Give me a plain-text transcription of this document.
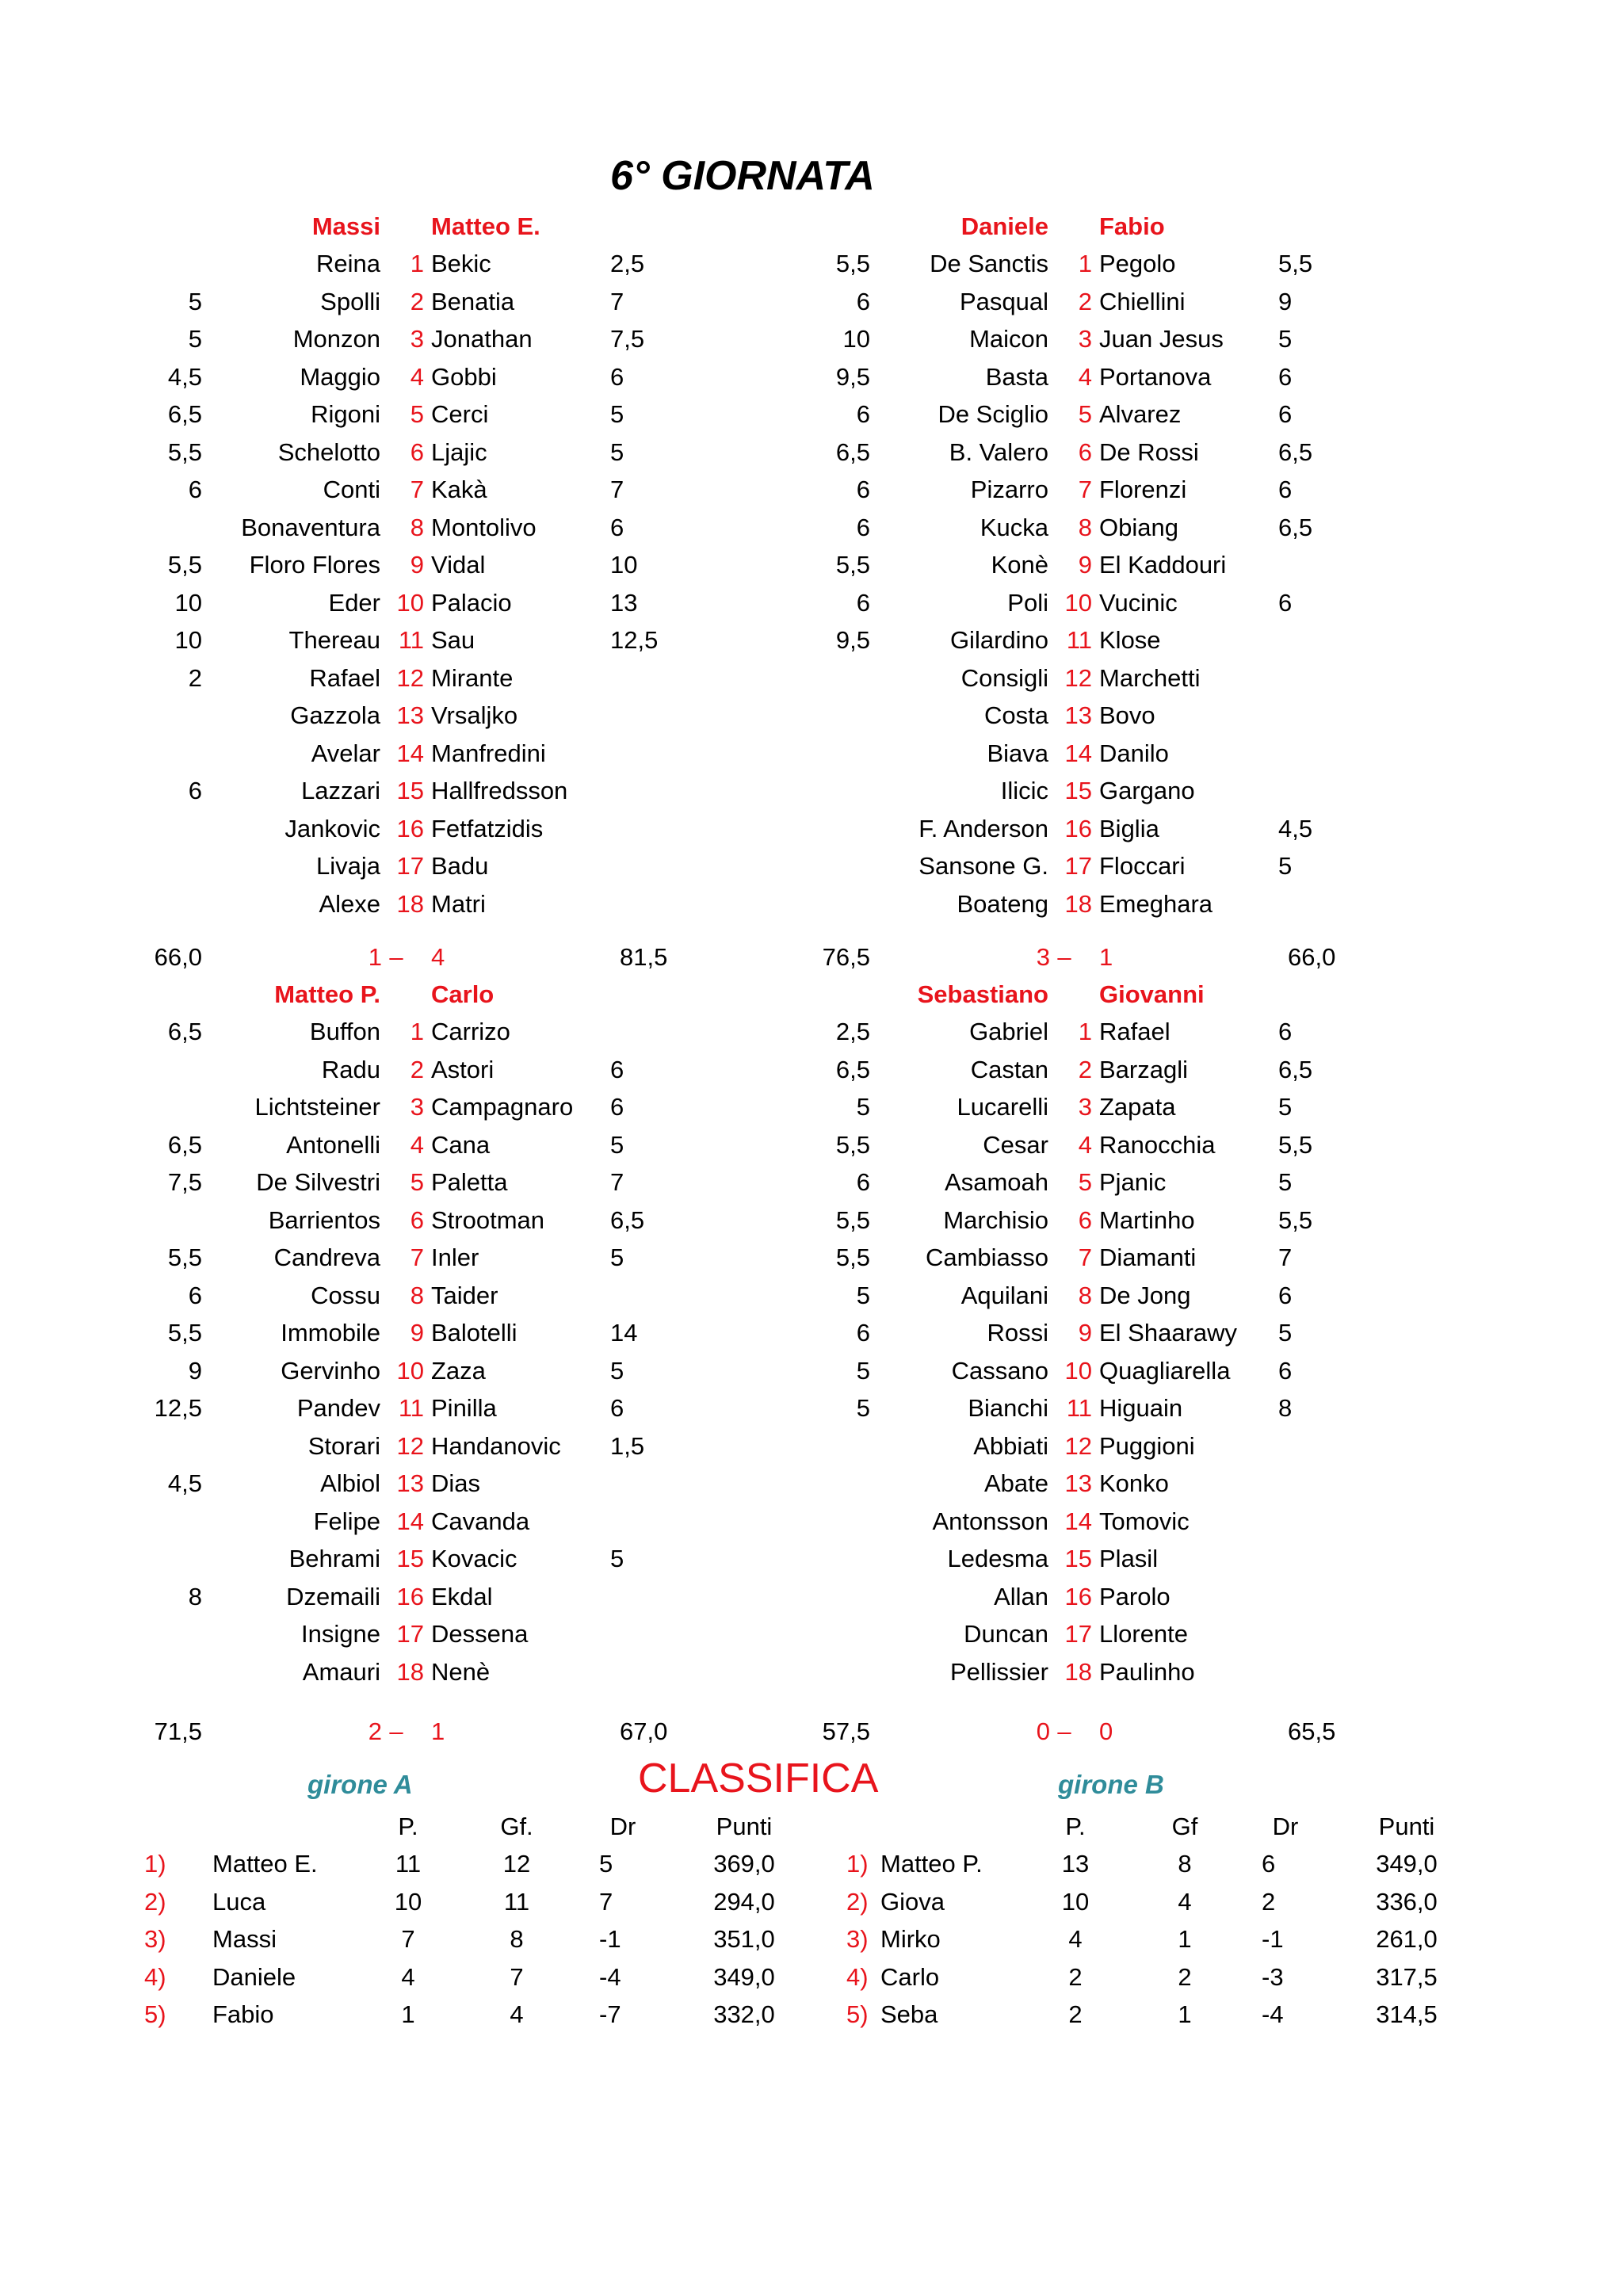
6° GIORNATA
Massi Matteo E.
Reina	1 Bekic	2,5
5	Spolli	2 Benatia	7
5	Monzon	3 Jonathan	7,5
4,5	Maggio	4 Gobbi	6
6,5	Rigoni	5 Cerci	5
5,5	Schelotto	6 Ljajic	5
6	Conti	7 Kakà	7
Bonaventura	8 Montolivo	6
5,5	Floro Flores	9 Vidal	10
10	Eder 10 Palacio	13
10	Thereau 11 Sau	12,5
2	Rafael 12 Mirante
Gazzola 13 Vrsaljko
Avelar 14 Manfredini
6	Lazzari 15 Hallfredsson
Jankovic 16 Fetfatzidis
Livaja 17 Badu
Alexe 18 Matri
66,0	1 – 4	81,5
Daniele Fabio
5,5	De Sanctis	1 Pegolo	5,5
6	Pasqual	2 Chiellini	9
10	Maicon	3 Juan Jesus 5
9,5	Basta	4 Portanova	6
6	De Sciglio	5 Alvarez	6
6,5	B. Valero	6 De Rossi	6,5
6	Pizarro	7 Florenzi	6
6	Kucka	8 Obiang	6,5
5,5	Konè	9 El Kaddouri
6	Poli 10 Vucinic	6
9,5	Gilardino 11 Klose
Consigli 12 Marchetti
Costa 13 Bovo
Biava 14 Danilo
Ilicic 15 Gargano
F. Anderson 16 Biglia	4,5
Sansone G. 17 Floccari	5
Boateng 18 Emeghara
76,5	3 – 1	66,0
Matteo P. Carlo
6,5	Buffon	1 Carrizo
Radu	2 Astori	6
Lichtsteiner	3 Campagnaro 6
6,5	Antonelli	4 Cana	5
7,5	De Silvestri	5 Paletta	7
Barrientos	6 Strootman	6,5
5,5	Candreva	7 Inler	5
6	Cossu	8 Taider
5,5	Immobile	9 Balotelli	14
9	Gervinho 10 Zaza	5
12,5	Pandev 11 Pinilla	6
Storari 12 Handanovic 1,5
4,5	Albiol 13 Dias
Felipe 14 Cavanda
Behrami 15 Kovacic	5
8	Dzemaili 16 Ekdal
Insigne 17 Dessena
Amauri 18 Nenè
71,5	2 – 1	67,0
Sebastiano Giovanni
2,5	Gabriel	1 Rafael	6
6,5	Castan	2 Barzagli	6,5
5	Lucarelli	3 Zapata	5
5,5	Cesar	4 Ranocchia	5,5
6	Asamoah	5 Pjanic	5
5,5	Marchisio	6 Martinho	5,5
5,5	Cambiasso	7 Diamanti	7
5	Aquilani	8 De Jong	6
6	Rossi	9 El Shaarawy 5
5	Cassano 10 Quagliarella 6
5	Bianchi 11 Higuain	8
Abbiati 12 Puggioni
Abate 13 Konko
Antonsson 14 Tomovic
Ledesma 15 Plasil
Allan 16 Parolo
Duncan 17 Llorente
Pellissier 18 Paulinho
57,5	0 – 0	65,5
CLASSIFICA
girone A
P.	Gf.	Dr	Punti
1) Matteo E.	11	12	5	369,0
2) Luca	10	11	7	294,0
3) Massi	7	8	-1	351,0
4) Daniele	4	7	-4	349,0
5) Fabio	1	4	-7	332,0
girone B
P.	Gf	Dr	Punti
1) Matteo P.	13	8	6	349,0
2) Giova	10	4	2	336,0
3) Mirko	4	1	-1	261,0
4) Carlo	2	2	-3	317,5
5) Seba	2	1	-4	314,5
